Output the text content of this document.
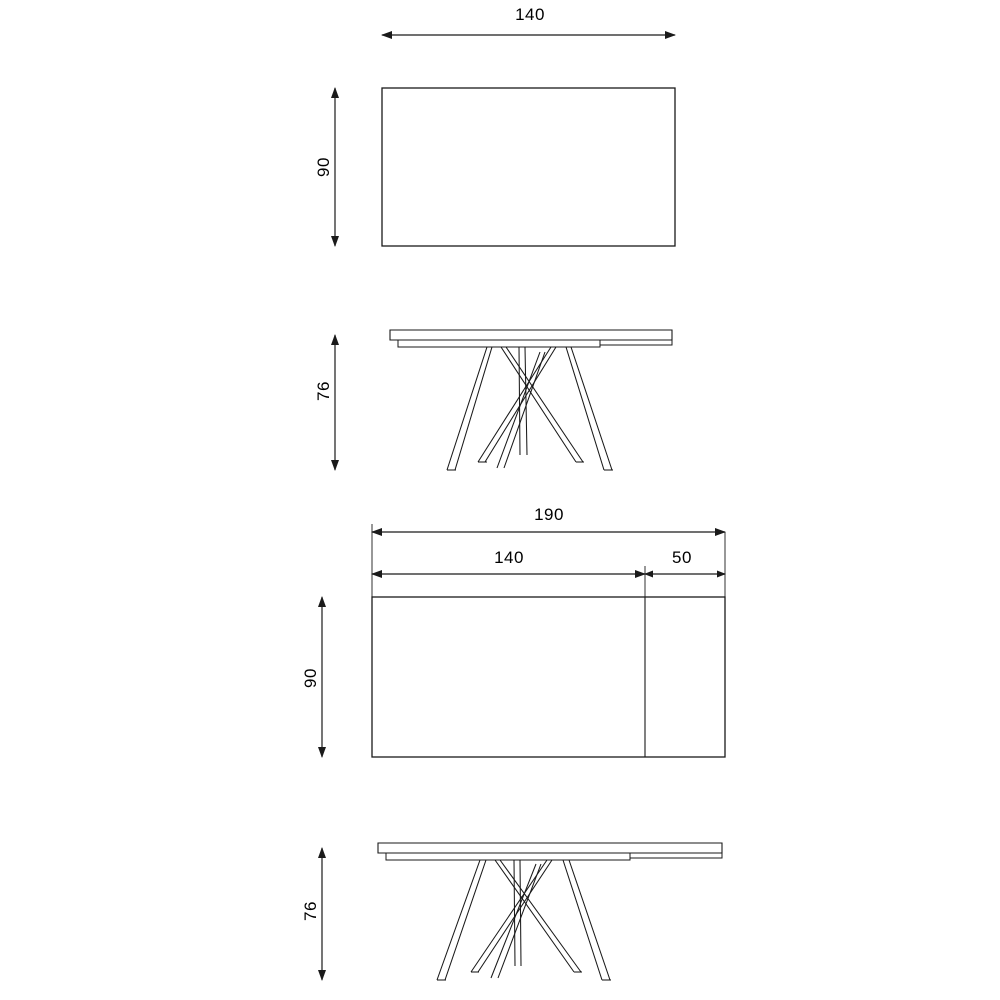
140
90
76
190
140	50
90
76
